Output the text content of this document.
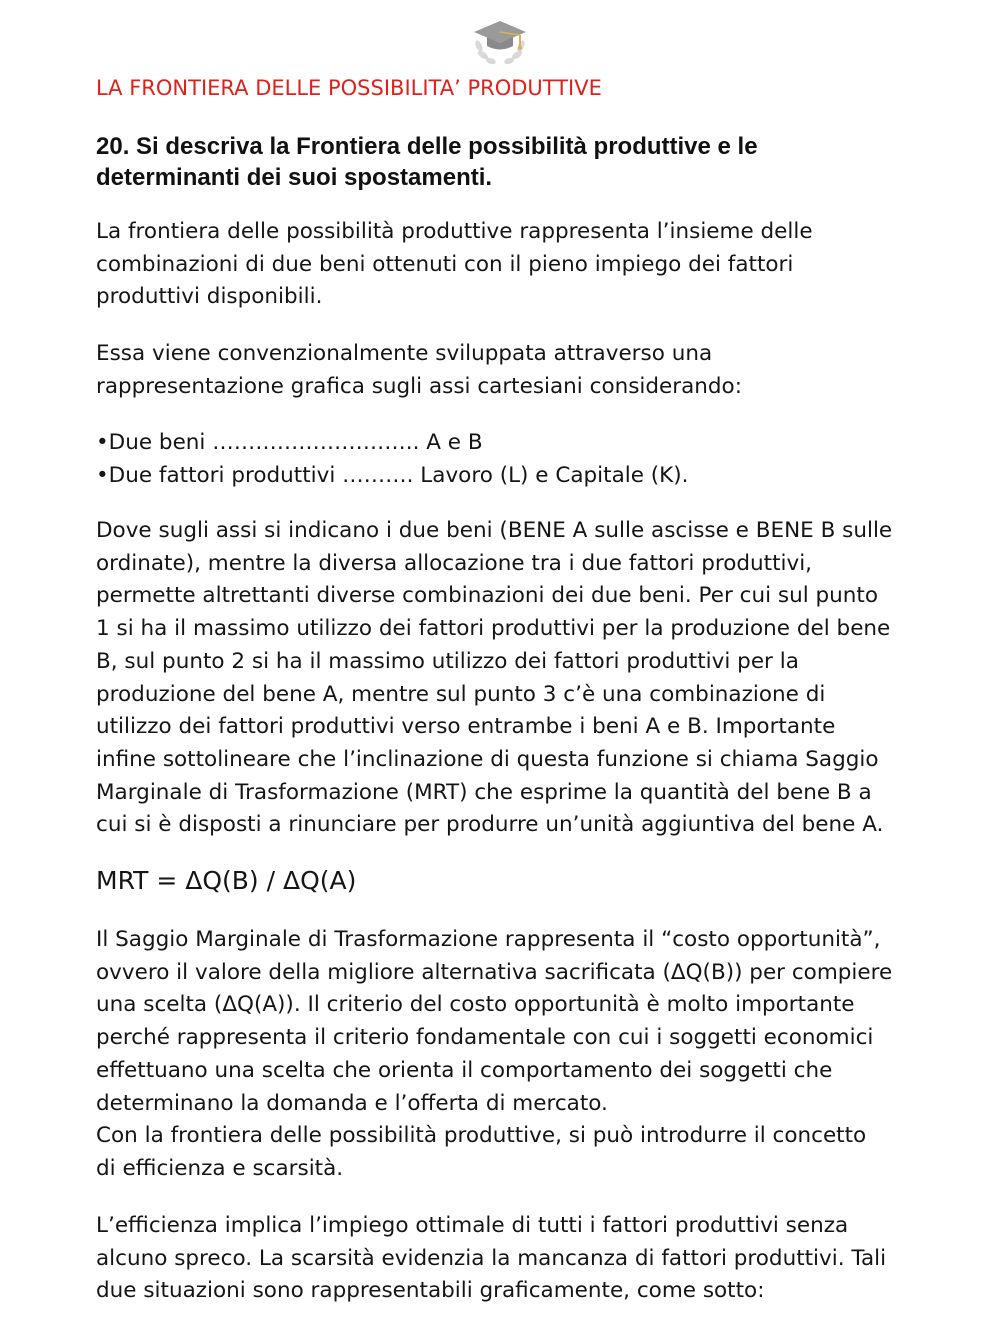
LA FRONTIERA DELLE POSSIBILITA’ PRODUTTIVE
20. Si descriva la Frontiera delle possibilità produttive e le
determinanti dei suoi spostamenti.
La frontiera delle possibilità produttive rappresenta l’insieme delle
combinazioni di due beni ottenuti con il pieno impiego dei fattori
produttivi disponibili.
Essa viene convenzionalmente sviluppata attraverso una
rappresentazione grafica sugli assi cartesiani considerando:
•Due beni ……………………….. A e B
•Due fattori produttivi ………. Lavoro (L) e Capitale (K).
Dove sugli assi si indicano i due beni (BENE A sulle ascisse e BENE B sulle
ordinate), mentre la diversa allocazione tra i due fattori produttivi,
permette altrettanti diverse combinazioni dei due beni. Per cui sul punto
1 si ha il massimo utilizzo dei fattori produttivi per la produzione del bene
B, sul punto 2 si ha il massimo utilizzo dei fattori produttivi per la
produzione del bene A, mentre sul punto 3 c’è una combinazione di
utilizzo dei fattori produttivi verso entrambe i beni A e B. Importante
infine sottolineare che l’inclinazione di questa funzione si chiama Saggio
Marginale di Trasformazione (MRT) che esprime la quantità del bene B a
cui si è disposti a rinunciare per produrre un’unità aggiuntiva del bene A.
MRT = ΔQ(B) / ΔQ(A)
Il Saggio Marginale di Trasformazione rappresenta il “costo opportunità”,
ovvero il valore della migliore alternativa sacrificata (ΔQ(B)) per compiere
una scelta (ΔQ(A)). Il criterio del costo opportunità è molto importante
perché rappresenta il criterio fondamentale con cui i soggetti economici
effettuano una scelta che orienta il comportamento dei soggetti che
determinano la domanda e l’offerta di mercato.
Con la frontiera delle possibilità produttive, si può introdurre il concetto
di efficienza e scarsità.
L’efficienza implica l’impiego ottimale di tutti i fattori produttivi senza
alcuno spreco. La scarsità evidenzia la mancanza di fattori produttivi. Tali
due situazioni sono rappresentabili graficamente, come sotto:
